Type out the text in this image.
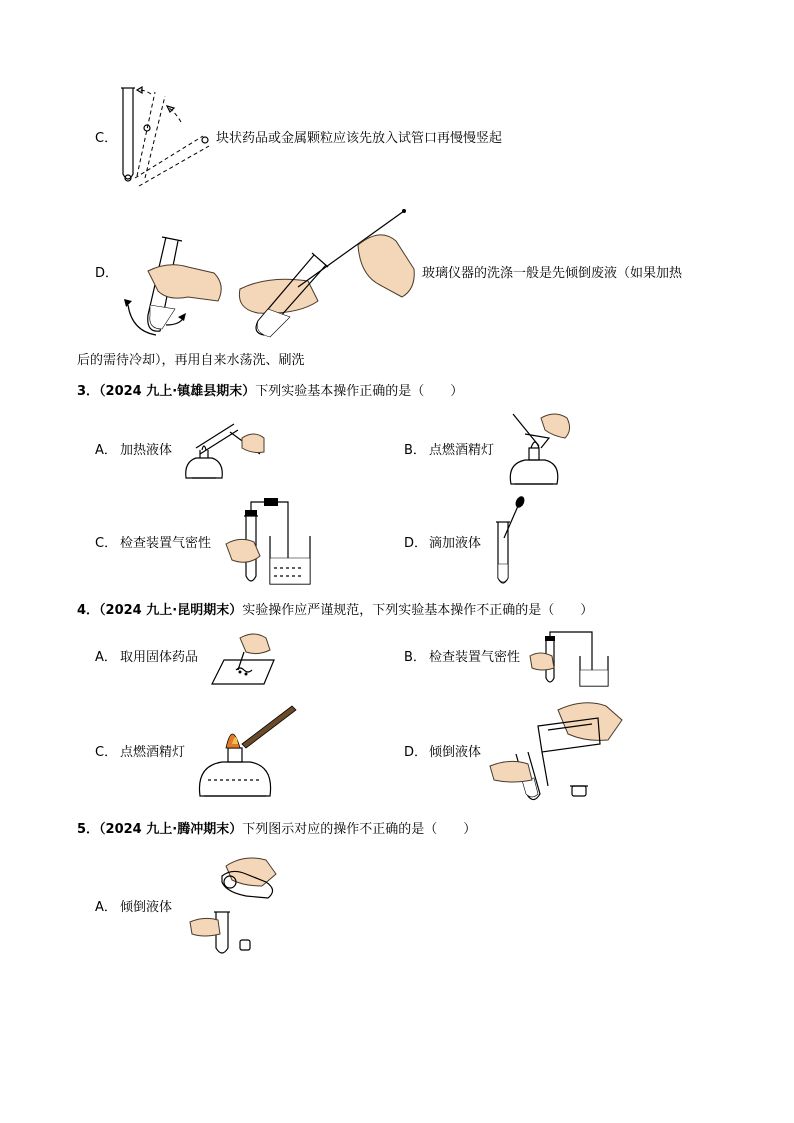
C．	块状药品或金属颗粒应该先放入试管口再慢慢竖起
D．	玻璃仪器的洗涤一般是先倾倒废液（如果加热
后的需待冷却），再用自来水荡洗、刷洗
3．（2024 九上·镇雄县期末）下列实验基本操作正确的是（　　）
A． 加热液体	B． 点燃酒精灯
C． 检查装置气密性	D． 滴加液体
4．（2024 九上·昆明期末）实验操作应严谨规范，下列实验基本操作不正确的是（　　）
A． 取用固体药品	B． 检查装置气密性
C． 点燃酒精灯	D． 倾倒液体
5．（2024 九上·腾冲期末）下列图示对应的操作不正确的是（　　）
A． 倾倒液体
